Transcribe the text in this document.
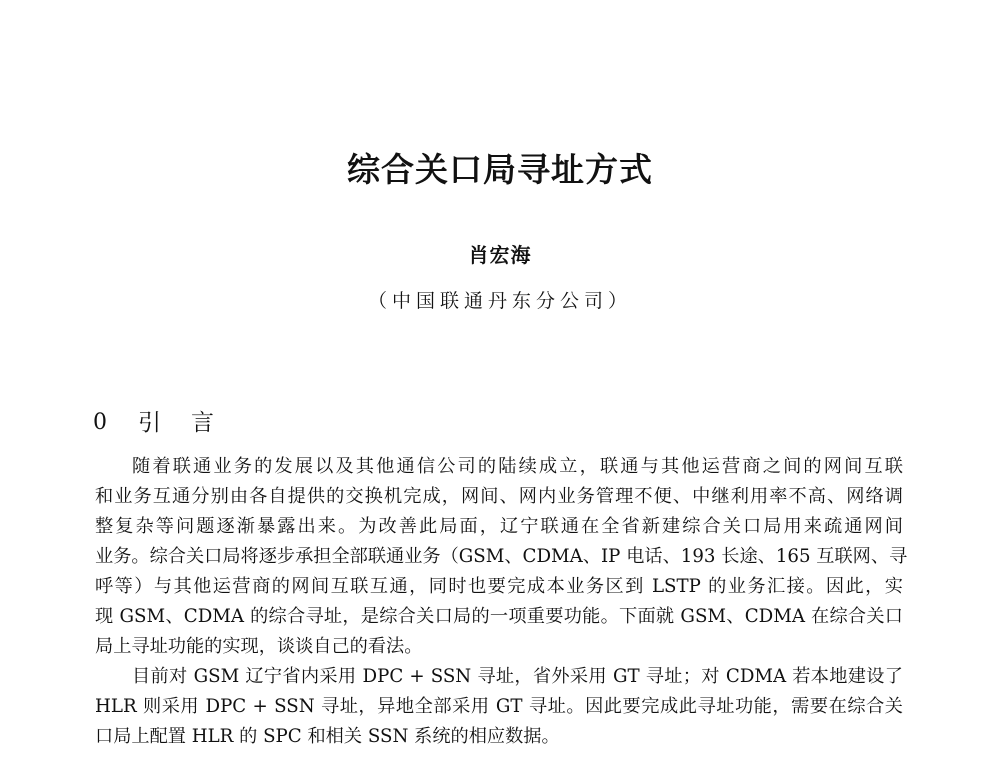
综合关口局寻址方式
肖宏海
（中国联通丹东分公司）
0	引言
随着联通业务的发展以及其他通信公司的陆续成立，联通与其他运营商之间的网间互联
和业务互通分别由各自提供的交换机完成，网间、网内业务管理不便、中继利用率不高、网络调
整复杂等问题逐渐暴露出来。为改善此局面，辽宁联通在全省新建综合关口局用来疏通网间
业务。综合关口局将逐步承担全部联通业务（GSM、CDMA、IP 电话、193 长途、165 互联网、寻
呼等）与其他运营商的网间互联互通，同时也要完成本业务区到 LSTP 的业务汇接。因此，实
现 GSM、CDMA 的综合寻址，是综合关口局的一项重要功能。下面就 GSM、CDMA 在综合关口
局上寻址功能的实现，谈谈自己的看法。
目前对 GSM 辽宁省内采用 DPC + SSN 寻址，省外采用 GT 寻址；对 CDMA 若本地建设了
HLR 则采用 DPC + SSN 寻址，异地全部采用 GT 寻址。因此要完成此寻址功能，需要在综合关
口局上配置 HLR 的 SPC 和相关 SSN 系统的相应数据。
